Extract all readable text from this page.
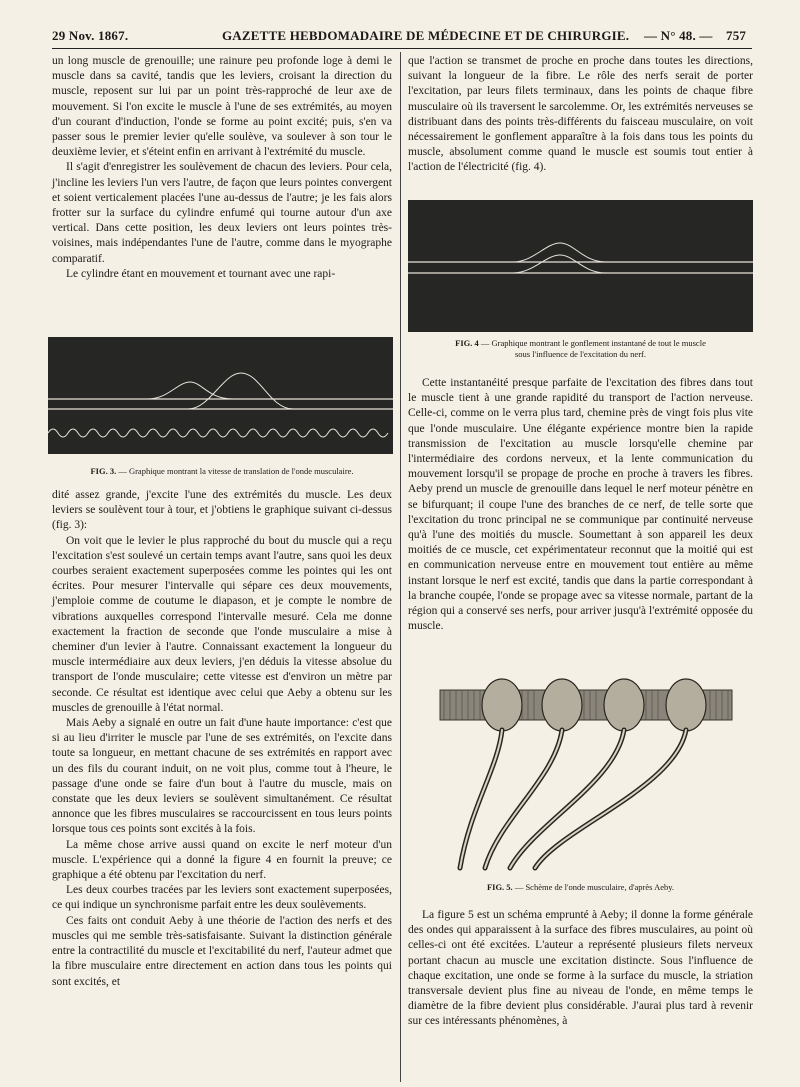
29 Nov. 1867.	GAZETTE HEBDOMADAIRE DE MÉDECINE ET DE CHIRURGIE. — N° 48. — 757

un long muscle de grenouille; une rainure peu profonde loge à demi le muscle dans sa cavité, tandis que les leviers, croisant la direction du muscle, reposent sur lui par un point très-rapproché de leur axe de mouvement. Si l'on excite le muscle à l'une de ses extrémités, au moyen d'un courant d'induction, l'onde se forme au point excité; puis, s'en va passer sous le premier levier qu'elle soulève, va soulever à son tour le deuxième levier, et s'éteint enfin en arrivant à l'extrémité du muscle.

Il s'agit d'enregistrer les soulèvement de chacun des leviers. Pour cela, j'incline les leviers l'un vers l'autre, de façon que leurs pointes convergent et soient verticalement placées l'une au-dessus de l'autre; je les fais alors frotter sur la surface du cylindre enfumé qui tourne autour d'un axe vertical. Dans cette position, les deux leviers ont leurs pointes très-voisines, mais indépendantes l'une de l'autre, comme dans le myographe comparatif.

Le cylindre étant en mouvement et tournant avec une rapi-

FIG. 3. — Graphique montrant la vitesse de translation de l'onde musculaire.

dité assez grande, j'excite l'une des extrémités du muscle. Les deux leviers se soulèvent tour à tour, et j'obtiens le graphique suivant ci-dessus (fig. 3):

On voit que le levier le plus rapproché du bout du muscle qui a reçu l'excitation s'est soulevé un certain temps avant l'autre, sans quoi les deux courbes seraient exactement superposées comme les pointes qui les ont écrites. Pour mesurer l'intervalle qui sépare ces deux mouvements, j'emploie comme de coutume le diapason, et je compte le nombre de vibrations auxquelles correspond l'intervalle mesuré. Cela me donne exactement la fraction de seconde que l'onde musculaire a mise à cheminer d'un levier à l'autre. Connaissant exactement la longueur du muscle intermédiaire aux deux leviers, j'en déduis la vitesse absolue du transport de l'onde musculaire; cette vitesse est d'environ un mètre par seconde. Ce résultat est identique avec celui que Aeby a obtenu sur les muscles de grenouille à l'état normal.

Mais Aeby a signalé en outre un fait d'une haute importance: c'est que si au lieu d'irriter le muscle par l'une de ses extrémités, on l'excite dans toute sa longueur, en mettant chacune de ses extrémités en rapport avec un des fils du courant induit, on ne voit plus, comme tout à l'heure, le passage d'une onde se faire d'un bout à l'autre du muscle, mais on constate que les deux leviers se soulèvent simultanément. Ce résultat annonce que les fibres musculaires se raccourcissent en tous leurs points lorsque tous ces points sont excités à la fois.

La même chose arrive aussi quand on excite le nerf moteur d'un muscle. L'expérience qui a donné la figure 4 en fournit la preuve; ce graphique a été obtenu par l'excitation du nerf.

Les deux courbes tracées par les leviers sont exactement superposées, ce qui indique un synchronisme parfait entre les deux soulèvements.

Ces faits ont conduit Aeby à une théorie de l'action des nerfs et des muscles qui me semble très-satisfaisante. Suivant la distinction générale entre la contractilité du muscle et l'excitabilité du nerf, l'auteur admet que la fibre musculaire entre directement en action dans tous les points qui sont excités, et

que l'action se transmet de proche en proche dans toutes les directions, suivant la longueur de la fibre. Le rôle des nerfs serait de porter l'excitation, par leurs filets terminaux, dans les points de chaque fibre musculaire où ils traversent le sarcolemme. Or, les extrémités nerveuses se distribuant dans des points très-différents du faisceau musculaire, on voit nécessairement le gonflement apparaître à la fois dans tous les points du muscle, absolument comme quand le muscle est soumis tout entier à l'action de l'électricité (fig. 4).

FIG. 4 — Graphique montrant le gonflement instantané de tout le muscle
sous l'influence de l'excitation du nerf.

Cette instantanéité presque parfaite de l'excitation des fibres dans tout le muscle tient à une grande rapidité du transport de l'action nerveuse. Celle-ci, comme on le verra plus tard, chemine près de vingt fois plus vite que l'onde musculaire. Une élégante expérience montre bien la rapide transmission de l'excitation au muscle lorsqu'elle chemine par l'intermédiaire des cordons nerveux, et la lente communication du mouvement lorsqu'il se propage de proche en proche à travers les fibres. Aeby prend un muscle de grenouille dans lequel le nerf moteur pénètre en se bifurquant; il coupe l'une des branches de ce nerf, de telle sorte que l'excitation du tronc principal ne se communique par continuité nerveuse qu'à l'une des moitiés du muscle. Soumettant à son appareil les deux moitiés de ce muscle, cet expérimentateur reconnut que la moitié qui est en communication nerveuse entre en mouvement tout entière au même instant lorsque le nerf est excité, tandis que dans la partie correspondant à la branche coupée, l'onde se propage avec sa vitesse normale, partant de la région qui a conservé ses nerfs, pour arriver jusqu'à l'extrémité opposée du muscle.

FIG. 5. — Schème de l'onde musculaire, d'après Aeby.

La figure 5 est un schéma emprunté à Aeby; il donne la forme générale des ondes qui apparaissent à la surface des fibres musculaires, au point où celles-ci ont été excitées. L'auteur a représenté plusieurs filets nerveux portant chacun au muscle une excitation distincte. Sous l'influence de chaque excitation, une onde se forme à la surface du muscle, la striation transversale devient plus fine au niveau de l'onde, en même temps le diamètre de la fibre devient plus considérable. J'aurai plus tard à revenir sur ces intéressants phénomènes, à
